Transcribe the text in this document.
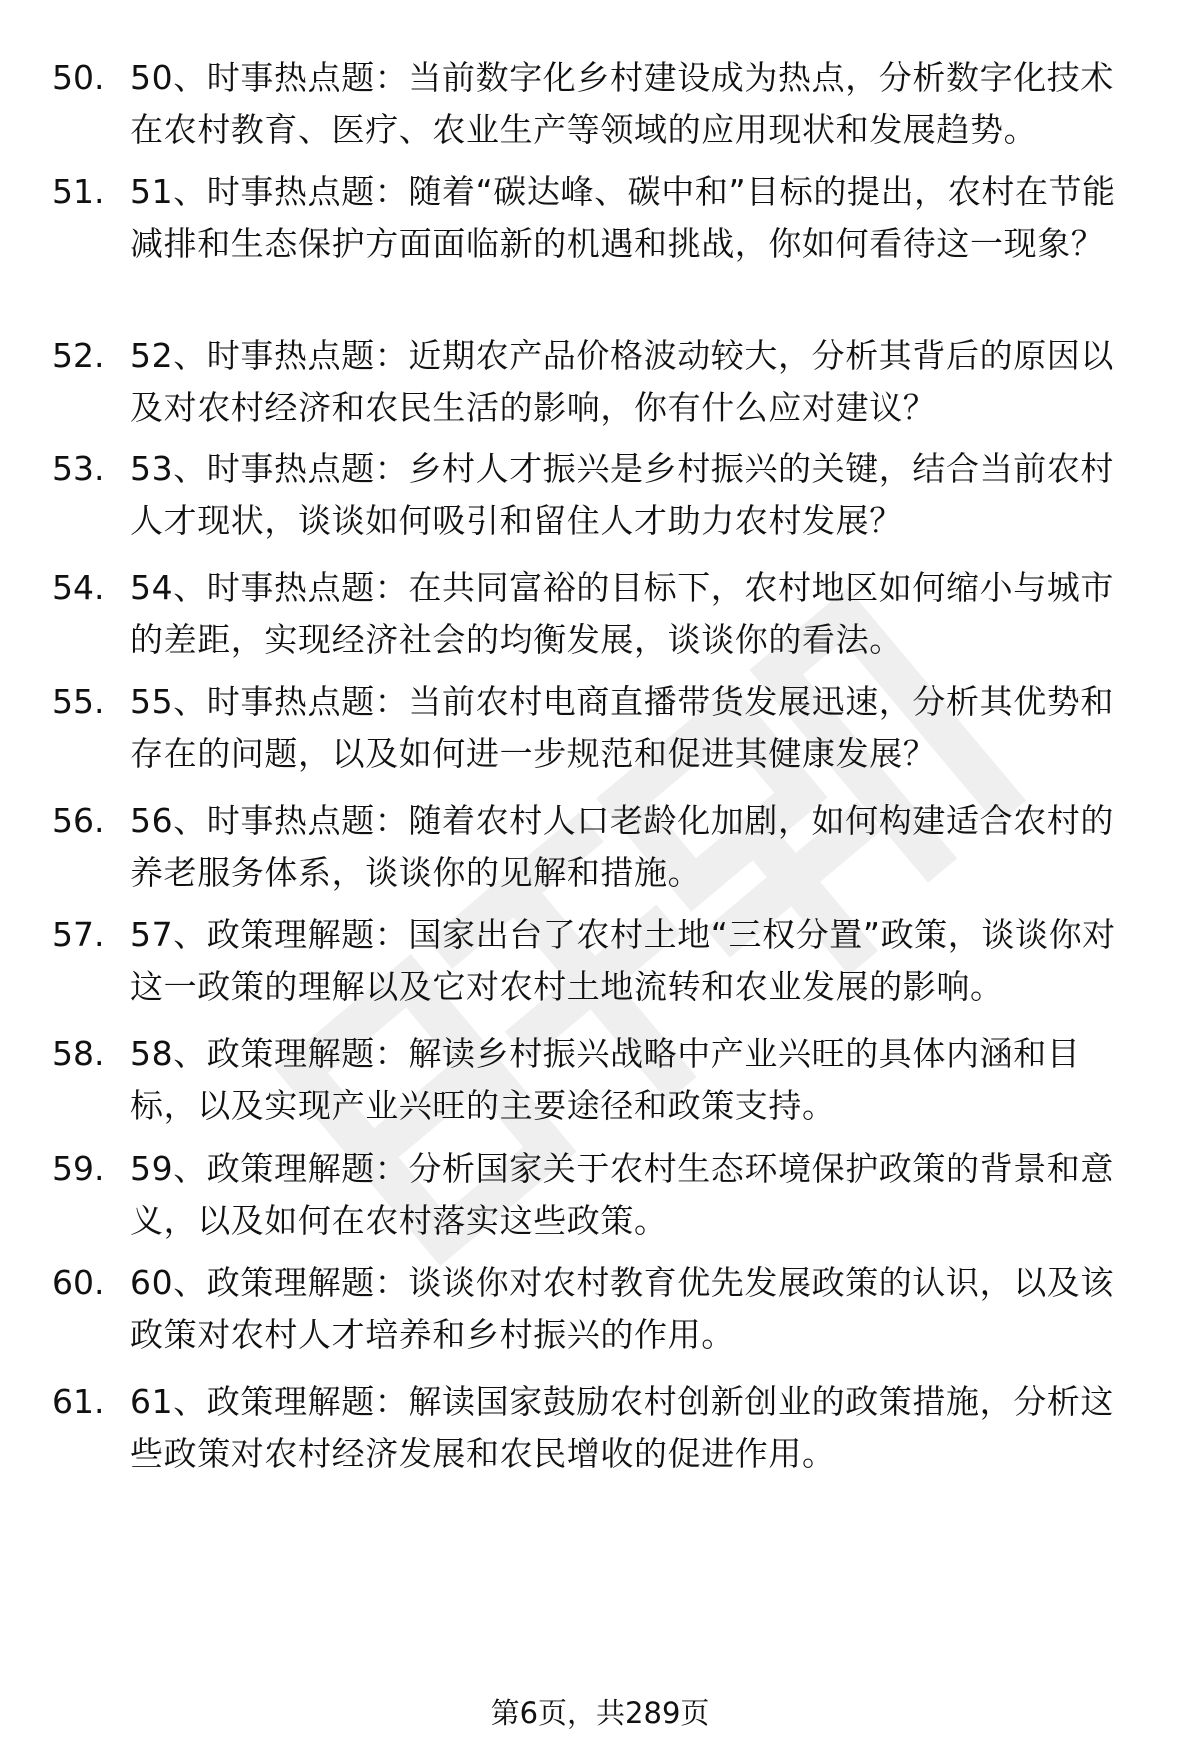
50. 50、时事热点题：当前数字化乡村建设成为热点，分析数字化技术在农村教育、医疗、农业生产等领域的应用现状和发展趋势。
51. 51、时事热点题：随着“碳达峰、碳中和”目标的提出，农村在节能减排和生态保护方面面临新的机遇和挑战，你如何看待这一现象？
52. 52、时事热点题：近期农产品价格波动较大，分析其背后的原因以及对农村经济和农民生活的影响，你有什么应对建议？
53. 53、时事热点题：乡村人才振兴是乡村振兴的关键，结合当前农村人才现状，谈谈如何吸引和留住人才助力农村发展？
54. 54、时事热点题：在共同富裕的目标下，农村地区如何缩小与城市的差距，实现经济社会的均衡发展，谈谈你的看法。
55. 55、时事热点题：当前农村电商直播带货发展迅速，分析其优势和存在的问题，以及如何进一步规范和促进其健康发展？
56. 56、时事热点题：随着农村人口老龄化加剧，如何构建适合农村的养老服务体系，谈谈你的见解和措施。
57. 57、政策理解题：国家出台了农村土地“三权分置”政策，谈谈你对这一政策的理解以及它对农村土地流转和农业发展的影响。
58. 58、政策理解题：解读乡村振兴战略中产业兴旺的具体内涵和目标，以及实现产业兴旺的主要途径和政策支持。
59. 59、政策理解题：分析国家关于农村生态环境保护政策的背景和意义，以及如何在农村落实这些政策。
60. 60、政策理解题：谈谈你对农村教育优先发展政策的认识，以及该政策对农村人才培养和乡村振兴的作用。
61. 61、政策理解题：解读国家鼓励农村创新创业的政策措施，分析这些政策对农村经济发展和农民增收的促进作用。
第6页，共289页
